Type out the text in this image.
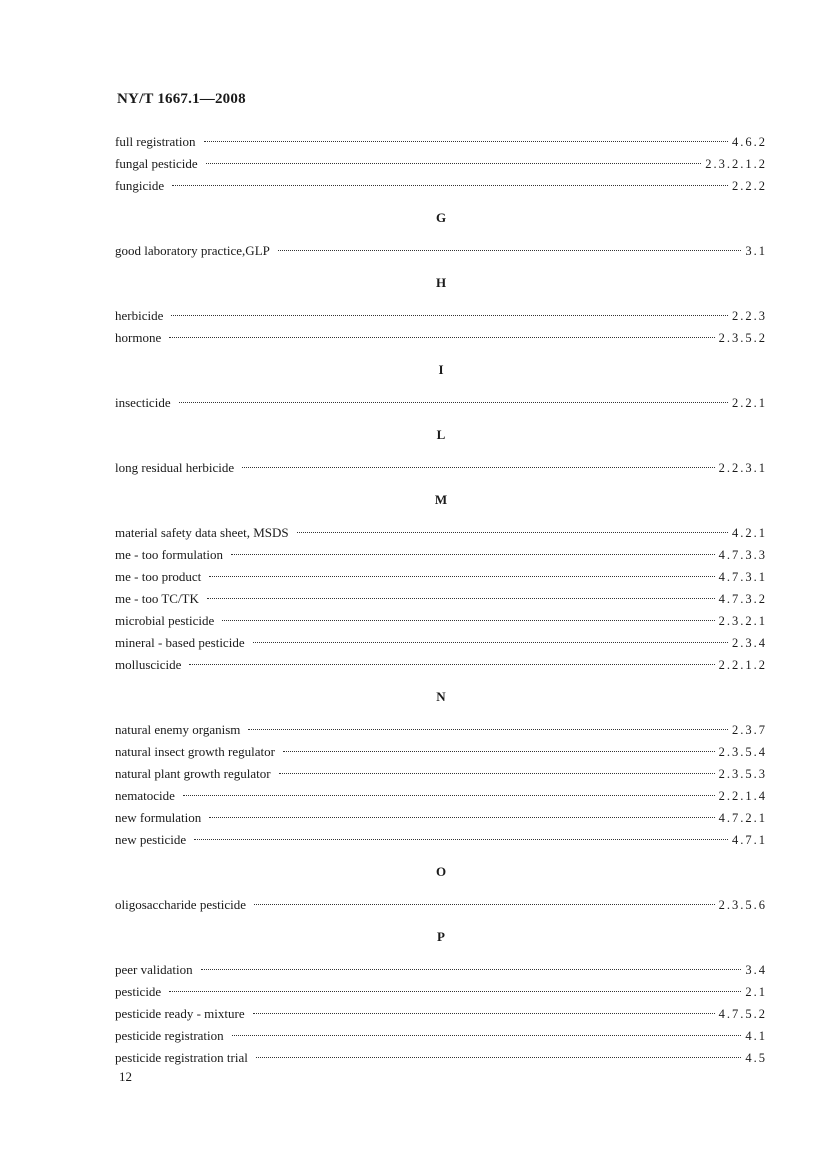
NY/T 1667.1—2008
full registration	4.6.2
fungal pesticide	2.3.2.1.2
fungicide	2.2.2
G
good laboratory practice,GLP	3.1
H
herbicide	2.2.3
hormone	2.3.5.2
I
insecticide	2.2.1
L
long residual herbicide	2.2.3.1
M
material safety data sheet, MSDS	4.2.1
me - too formulation	4.7.3.3
me - too product	4.7.3.1
me - too TC/TK	4.7.3.2
microbial pesticide	2.3.2.1
mineral - based pesticide	2.3.4
molluscicide	2.2.1.2
N
natural enemy organism	2.3.7
natural insect growth regulator	2.3.5.4
natural plant growth regulator	2.3.5.3
nematocide	2.2.1.4
new formulation	4.7.2.1
new pesticide	4.7.1
O
oligosaccharide pesticide	2.3.5.6
P
peer validation	3.4
pesticide	2.1
pesticide ready - mixture	4.7.5.2
pesticide registration	4.1
pesticide registration trial	4.5
12
